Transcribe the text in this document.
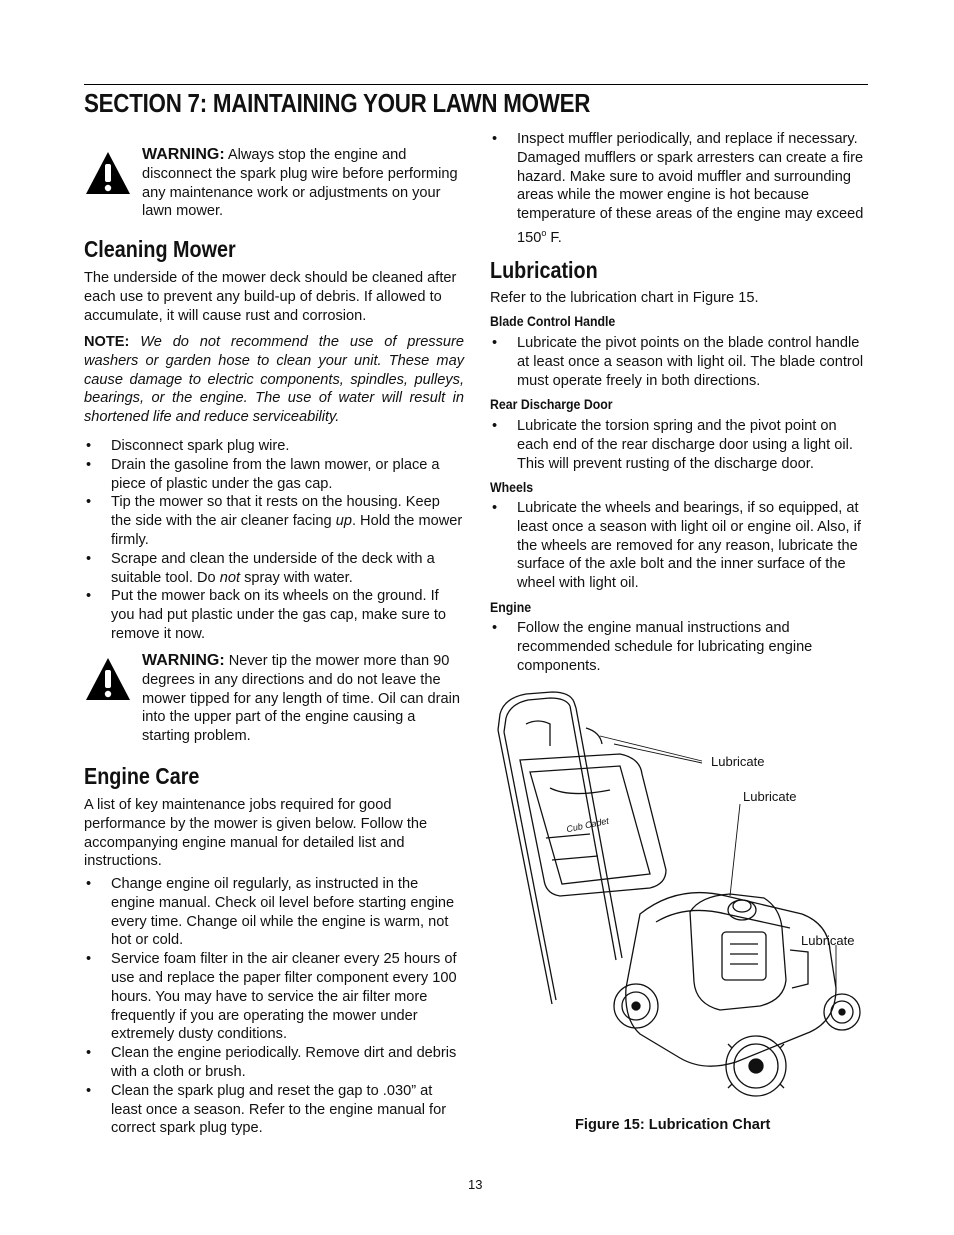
SECTION 7: MAINTAINING YOUR LAWN MOWER

WARNING: Always stop the engine and disconnect the spark plug wire before performing any maintenance work or adjustments on your lawn mower.

Cleaning Mower

The underside of the mower deck should be cleaned after each use to prevent any build-up of debris. If allowed to accumulate, it will cause rust and corrosion.

NOTE: We do not recommend the use of pressure washers or garden hose to clean your unit. These may cause damage to electric components, spindles, pulleys, bearings, or the engine. The use of water will result in shortened life and reduce serviceability.

• Disconnect spark plug wire.
• Drain the gasoline from the lawn mower, or place a piece of plastic under the gas cap.
• Tip the mower so that it rests on the housing. Keep the side with the air cleaner facing up. Hold the mower firmly.
• Scrape and clean the underside of the deck with a suitable tool. Do not spray with water.
• Put the mower back on its wheels on the ground. If you had put plastic under the gas cap, make sure to remove it now.

WARNING: Never tip the mower more than 90 degrees in any directions and do not leave the mower tipped for any length of time. Oil can drain into the upper part of the engine causing a starting problem.

Engine Care

A list of key maintenance jobs required for good performance by the mower is given below. Follow the accompanying engine manual for detailed list and instructions.

• Change engine oil regularly, as instructed in the engine manual. Check oil level before starting engine every time. Change oil while the engine is warm, not hot or cold.
• Service foam filter in the air cleaner every 25 hours of use and replace the paper filter component every 100 hours. You may have to service the air filter more frequently if you are operating the mower under extremely dusty conditions.
• Clean the engine periodically. Remove dirt and debris with a cloth or brush.
• Clean the spark plug and reset the gap to .030” at least once a season. Refer to the engine manual for correct spark plug type.
• Inspect muffler periodically, and replace if necessary. Damaged mufflers or spark arresters can create a fire hazard. Make sure to avoid muffler and surrounding areas while the mower engine is hot because temperature of these areas of the engine may exceed 150$^o$ F.
Lubrication

Refer to the lubrication chart in Figure 15.

Blade Control Handle
• Lubricate the pivot points on the blade control handle at least once a season with light oil. The blade control must operate freely in both directions.
Rear Discharge Door
• Lubricate the torsion spring and the pivot point on each end of the rear discharge door using a light oil. This will prevent rusting of the discharge door.
Wheels
• Lubricate the wheels and bearings, if so equipped, at least once a season with light oil or engine oil. Also, if the wheels are removed for any reason, lubricate the surface of the axle bolt and the inner surface of the wheel with light oil.
Engine
• Follow the engine manual instructions and recommended schedule for lubricating engine components.
Lubricate
Lubricate
Lubricate
Cub Cadet
Figure 15: Lubrication Chart
13
